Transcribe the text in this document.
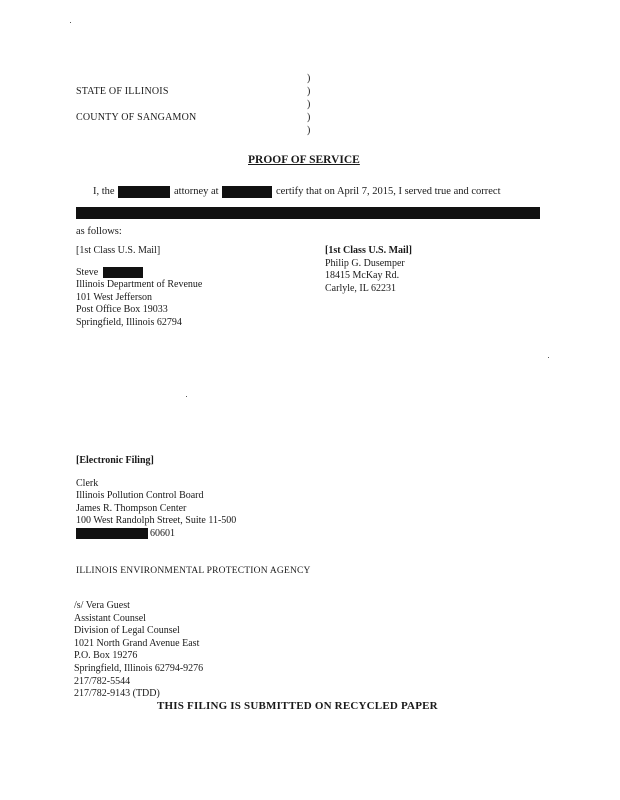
STATE OF ILLINOIS
COUNTY OF SANGAMON
)
)
)
)
)
PROOF OF SERVICE
I, the	attorney at	certify that on April 7, 2015, I served true and correct
as follows:
[1st Class U.S. Mail]
Steve
Illinois Department of Revenue
101 West Jefferson
Post Office Box 19033
Springfield, Illinois 62794
[1st Class U.S. Mail]
Philip G. Dusemper
18415 McKay Rd.
Carlyle, IL 62231
[Electronic Filing]
Clerk
Illinois Pollution Control Board
James R. Thompson Center
100 West Randolph Street, Suite 11-500
60601
ILLINOIS ENVIRONMENTAL PROTECTION AGENCY
/s/ Vera Guest
Assistant Counsel
Division of Legal Counsel
1021 North Grand Avenue East
P.O. Box 19276
Springfield, Illinois 62794-9276
217/782-5544
217/782-9143 (TDD)
THIS FILING IS SUBMITTED ON RECYCLED PAPER
